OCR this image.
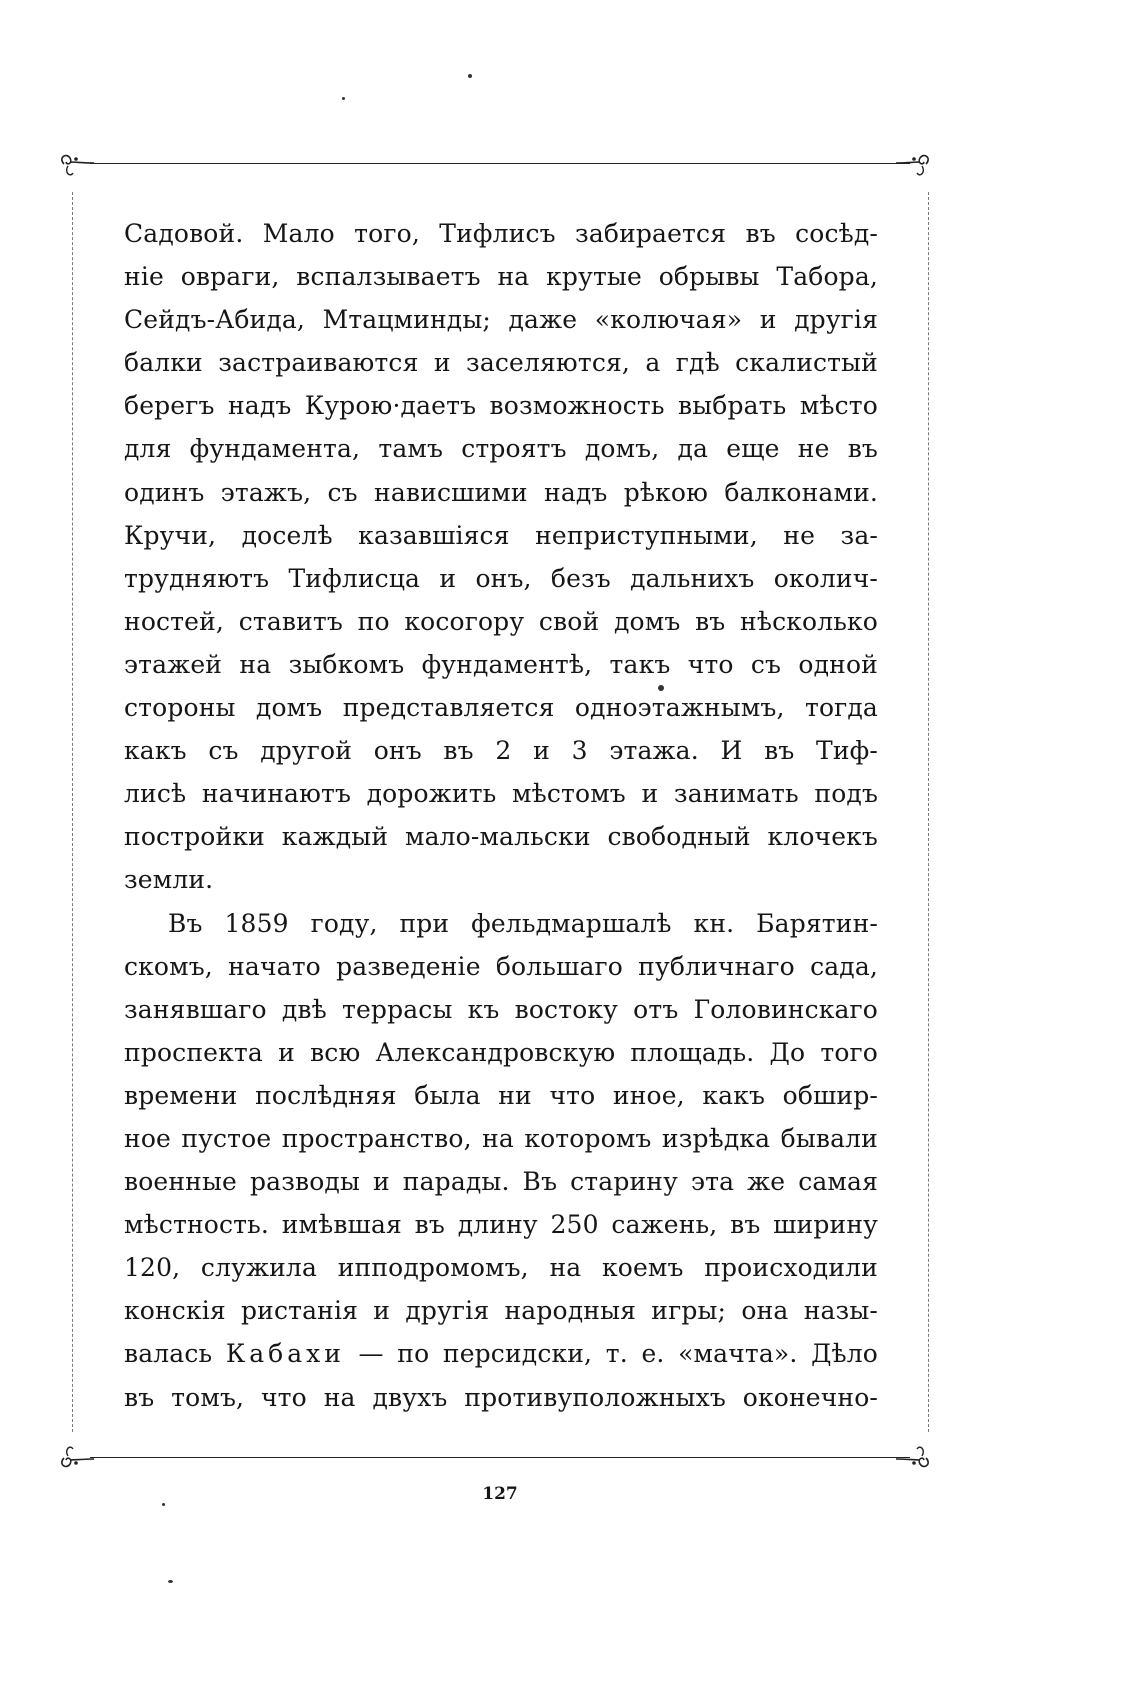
Садовой. Мало того, Тифлисъ забирается въ сосѣд-
нiе овраги, вспалзываетъ на крутые обрывы Табора,
Сейдъ-Абида, Мтацминды; даже «колючая» и другiя
балки застраиваются и заселяются, а гдѣ скалистый
берегъ надъ Курою·даетъ возможность выбрать мѣсто
для фундамента, тамъ строятъ домъ, да еще не въ
одинъ этажъ, съ нависшими надъ рѣкою балконами.
Кручи, доселѣ казавшiяся неприступными, не за-
трудняютъ Тифлисца и онъ, безъ дальнихъ околич-
ностей, ставитъ по косогору свой домъ въ нѣсколько
этажей на зыбкомъ фундаментѣ, такъ что съ одной
стороны домъ представляется одноэтажнымъ, тогда
какъ съ другой онъ въ 2 и 3 этажа. И въ Тиф-
лисѣ начинаютъ дорожить мѣстомъ и занимать подъ
постройки каждый мало-мальски свободный клочекъ
земли.
Въ 1859 году, при фельдмаршалѣ кн. Барятин-
скомъ, начато разведенiе большаго публичнаго сада,
занявшаго двѣ террасы къ востоку отъ Головинскаго
проспекта и всю Александровскую площадь. До того
времени послѣдняя была ни что иное, какъ обшир-
ное пустое пространство, на которомъ изрѣдка бывали
военные разводы и парады. Въ старину эта же самая
мѣстность. имѣвшая въ длину 250 сажень, въ ширину
120, служила ипподромомъ, на коемъ происходили
конскiя ристанiя и другiя народныя игры; она назы-
валась Кабахи — по персидски, т. е. «мачта». Дѣло
въ томъ, что на двухъ противуположныхъ оконечно-
127
